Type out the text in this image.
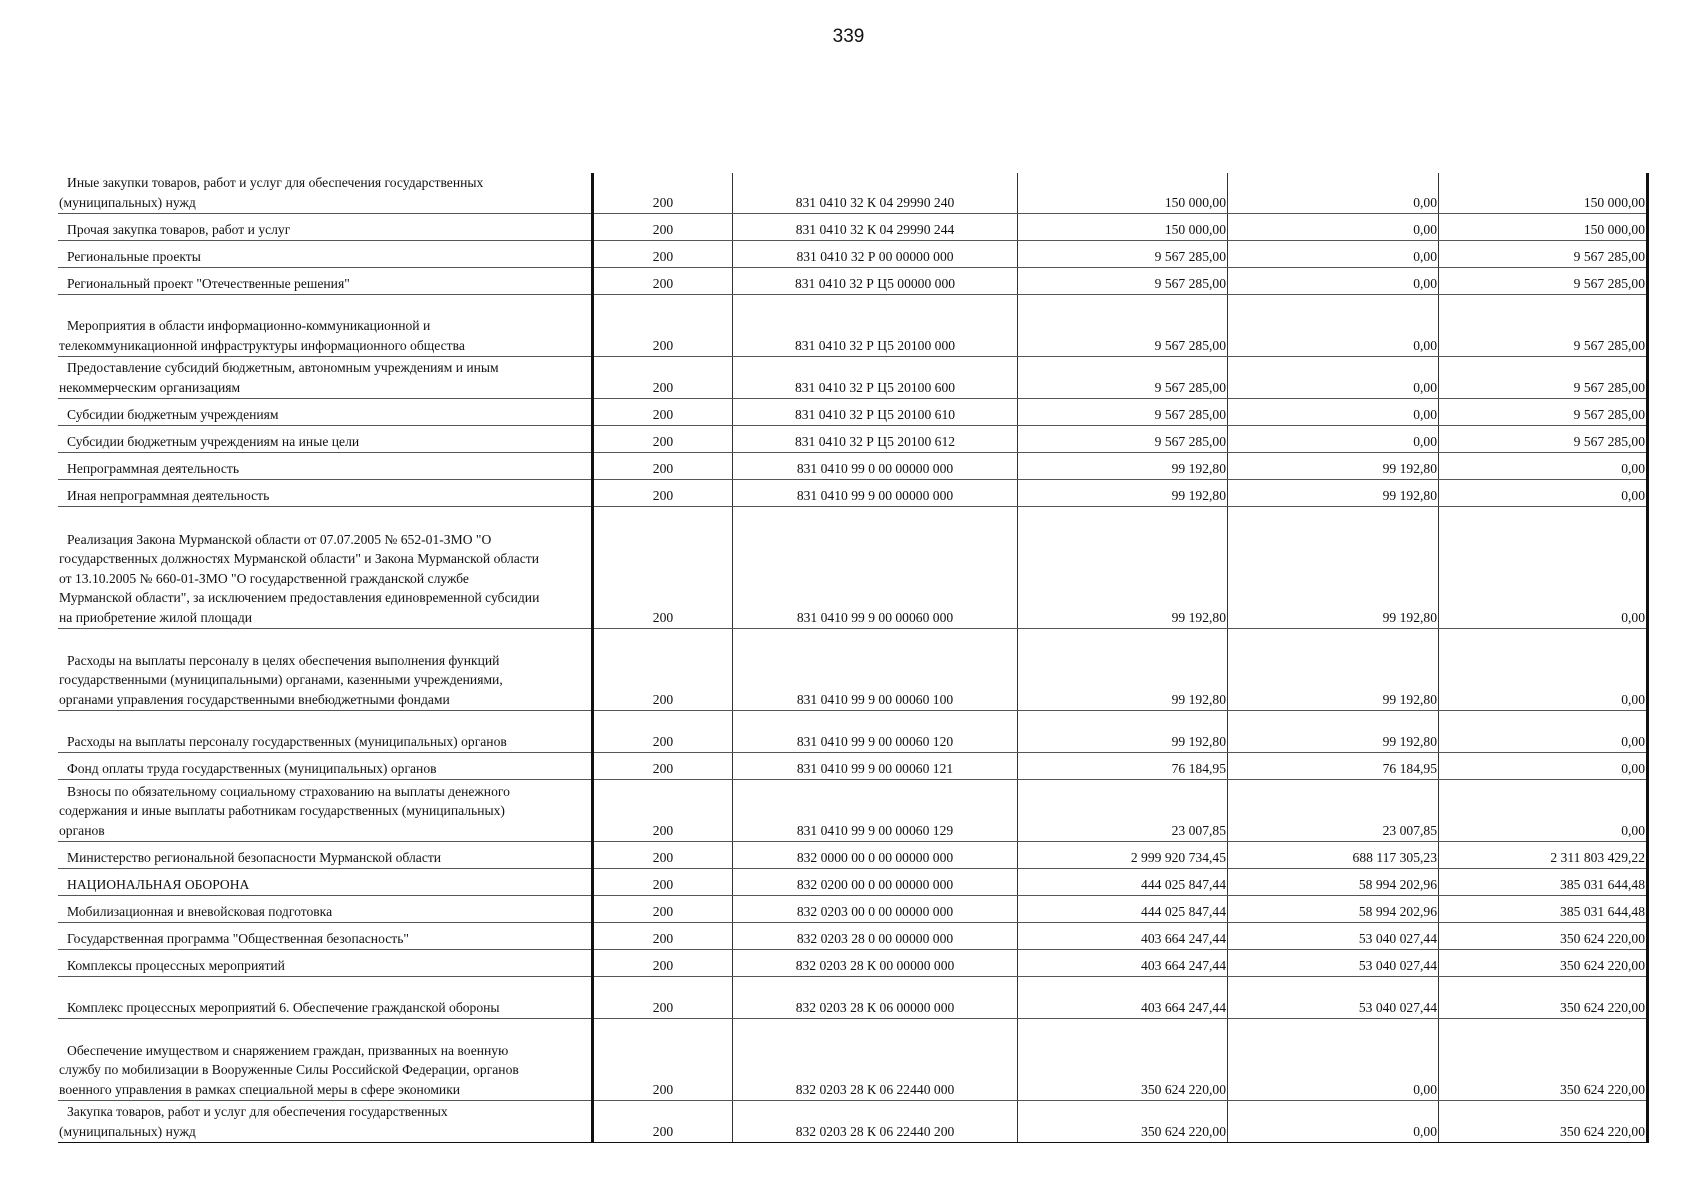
339
Иные закупки товаров, работ и услуг для обеспечения государственных
(муниципальных) нужд	200	831 0410 32 К 04 29990 240	150 000,00	0,00	150 000,00

Прочая закупка товаров, работ и услуг	200	831 0410 32 К 04 29990 244	150 000,00	0,00	150 000,00

Региональные проекты	200	831 0410 32 Р 00 00000 000	9 567 285,00	0,00	9 567 285,00

Региональный проект "Отечественные решения"	200	831 0410 32 Р Ц5 00000 000	9 567 285,00	0,00	9 567 285,00

Мероприятия в области информационно-коммуникационной и
телекоммуникационной инфраструктуры информационного общества	200	831 0410 32 Р Ц5 20100 000	9 567 285,00	0,00	9 567 285,00

Предоставление субсидий бюджетным, автономным учреждениям и иным
некоммерческим организациям	200	831 0410 32 Р Ц5 20100 600	9 567 285,00	0,00	9 567 285,00

Субсидии бюджетным учреждениям	200	831 0410 32 Р Ц5 20100 610	9 567 285,00	0,00	9 567 285,00

Субсидии бюджетным учреждениям на иные цели	200	831 0410 32 Р Ц5 20100 612	9 567 285,00	0,00	9 567 285,00

Непрограммная деятельность	200	831 0410 99 0 00 00000 000	99 192,80	99 192,80	0,00

Иная непрограммная деятельность	200	831 0410 99 9 00 00000 000	99 192,80	99 192,80	0,00

Реализация Закона Мурманской области от 07.07.2005 № 652-01-ЗМО "О
государственных должностях Мурманской области" и Закона Мурманской области
от 13.10.2005 № 660-01-ЗМО "О государственной гражданской службе
Мурманской области", за исключением предоставления единовременной субсидии
на приобретение жилой площади	200	831 0410 99 9 00 00060 000	99 192,80	99 192,80	0,00

Расходы на выплаты персоналу в целях обеспечения выполнения функций
государственными (муниципальными) органами, казенными учреждениями,
органами управления государственными внебюджетными фондами	200	831 0410 99 9 00 00060 100	99 192,80	99 192,80	0,00

Расходы на выплаты персоналу государственных (муниципальных) органов	200	831 0410 99 9 00 00060 120	99 192,80	99 192,80	0,00

Фонд оплаты труда государственных (муниципальных) органов	200	831 0410 99 9 00 00060 121	76 184,95	76 184,95	0,00

Взносы по обязательному социальному страхованию на выплаты денежного
содержания и иные выплаты работникам государственных (муниципальных)
органов	200	831 0410 99 9 00 00060 129	23 007,85	23 007,85	0,00

Министерство региональной безопасности Мурманской области	200	832 0000 00 0 00 00000 000	2 999 920 734,45	688 117 305,23	2 311 803 429,22

НАЦИОНАЛЬНАЯ ОБОРОНА	200	832 0200 00 0 00 00000 000	444 025 847,44	58 994 202,96	385 031 644,48

Мобилизационная и вневойсковая подготовка	200	832 0203 00 0 00 00000 000	444 025 847,44	58 994 202,96	385 031 644,48

Государственная программа "Общественная безопасность"	200	832 0203 28 0 00 00000 000	403 664 247,44	53 040 027,44	350 624 220,00

Комплексы процессных мероприятий	200	832 0203 28 К 00 00000 000	403 664 247,44	53 040 027,44	350 624 220,00

Комплекс процессных мероприятий 6. Обеспечение гражданской обороны	200	832 0203 28 К 06 00000 000	403 664 247,44	53 040 027,44	350 624 220,00

Обеспечение имуществом и снаряжением граждан, призванных на военную
службу по мобилизации в Вооруженные Силы Российской Федерации, органов
военного управления в рамках специальной меры в сфере экономики	200	832 0203 28 К 06 22440 000	350 624 220,00	0,00	350 624 220,00

Закупка товаров, работ и услуг для обеспечения государственных
(муниципальных) нужд	200	832 0203 28 К 06 22440 200	350 624 220,00	0,00	350 624 220,00
